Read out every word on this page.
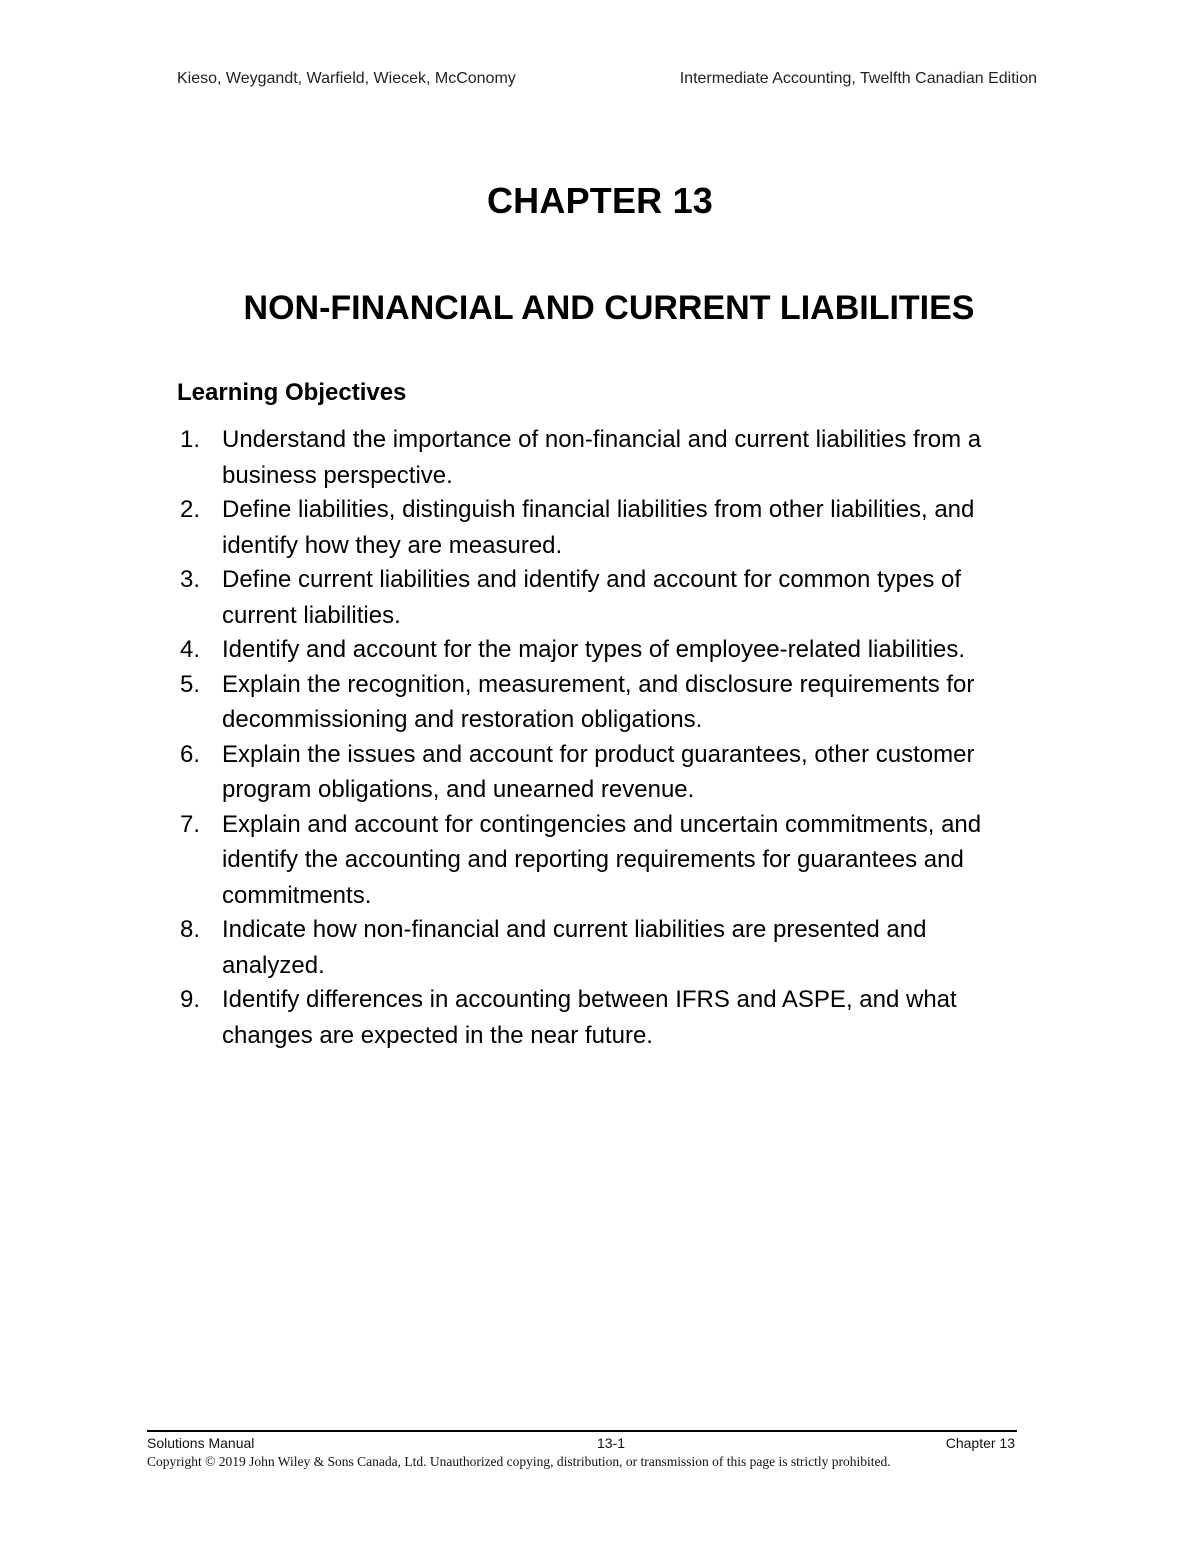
Kieso, Weygandt, Warfield, Wiecek, McConomy	Intermediate Accounting, Twelfth Canadian Edition
CHAPTER 13
NON-FINANCIAL AND CURRENT LIABILITIES
Learning Objectives
1. Understand the importance of non-financial and current liabilities from a business perspective.
2. Define liabilities, distinguish financial liabilities from other liabilities, and identify how they are measured.
3. Define current liabilities and identify and account for common types of current liabilities.
4. Identify and account for the major types of employee-related liabilities.
5. Explain the recognition, measurement, and disclosure requirements for decommissioning and restoration obligations.
6. Explain the issues and account for product guarantees, other customer program obligations, and unearned revenue.
7. Explain and account for contingencies and uncertain commitments, and identify the accounting and reporting requirements for guarantees and commitments.
8. Indicate how non-financial and current liabilities are presented and analyzed.
9. Identify differences in accounting between IFRS and ASPE, and what changes are expected in the near future.
Solutions Manual	13-1	Chapter 13
Copyright © 2019 John Wiley & Sons Canada, Ltd. Unauthorized copying, distribution, or transmission of this page is strictly prohibited.
